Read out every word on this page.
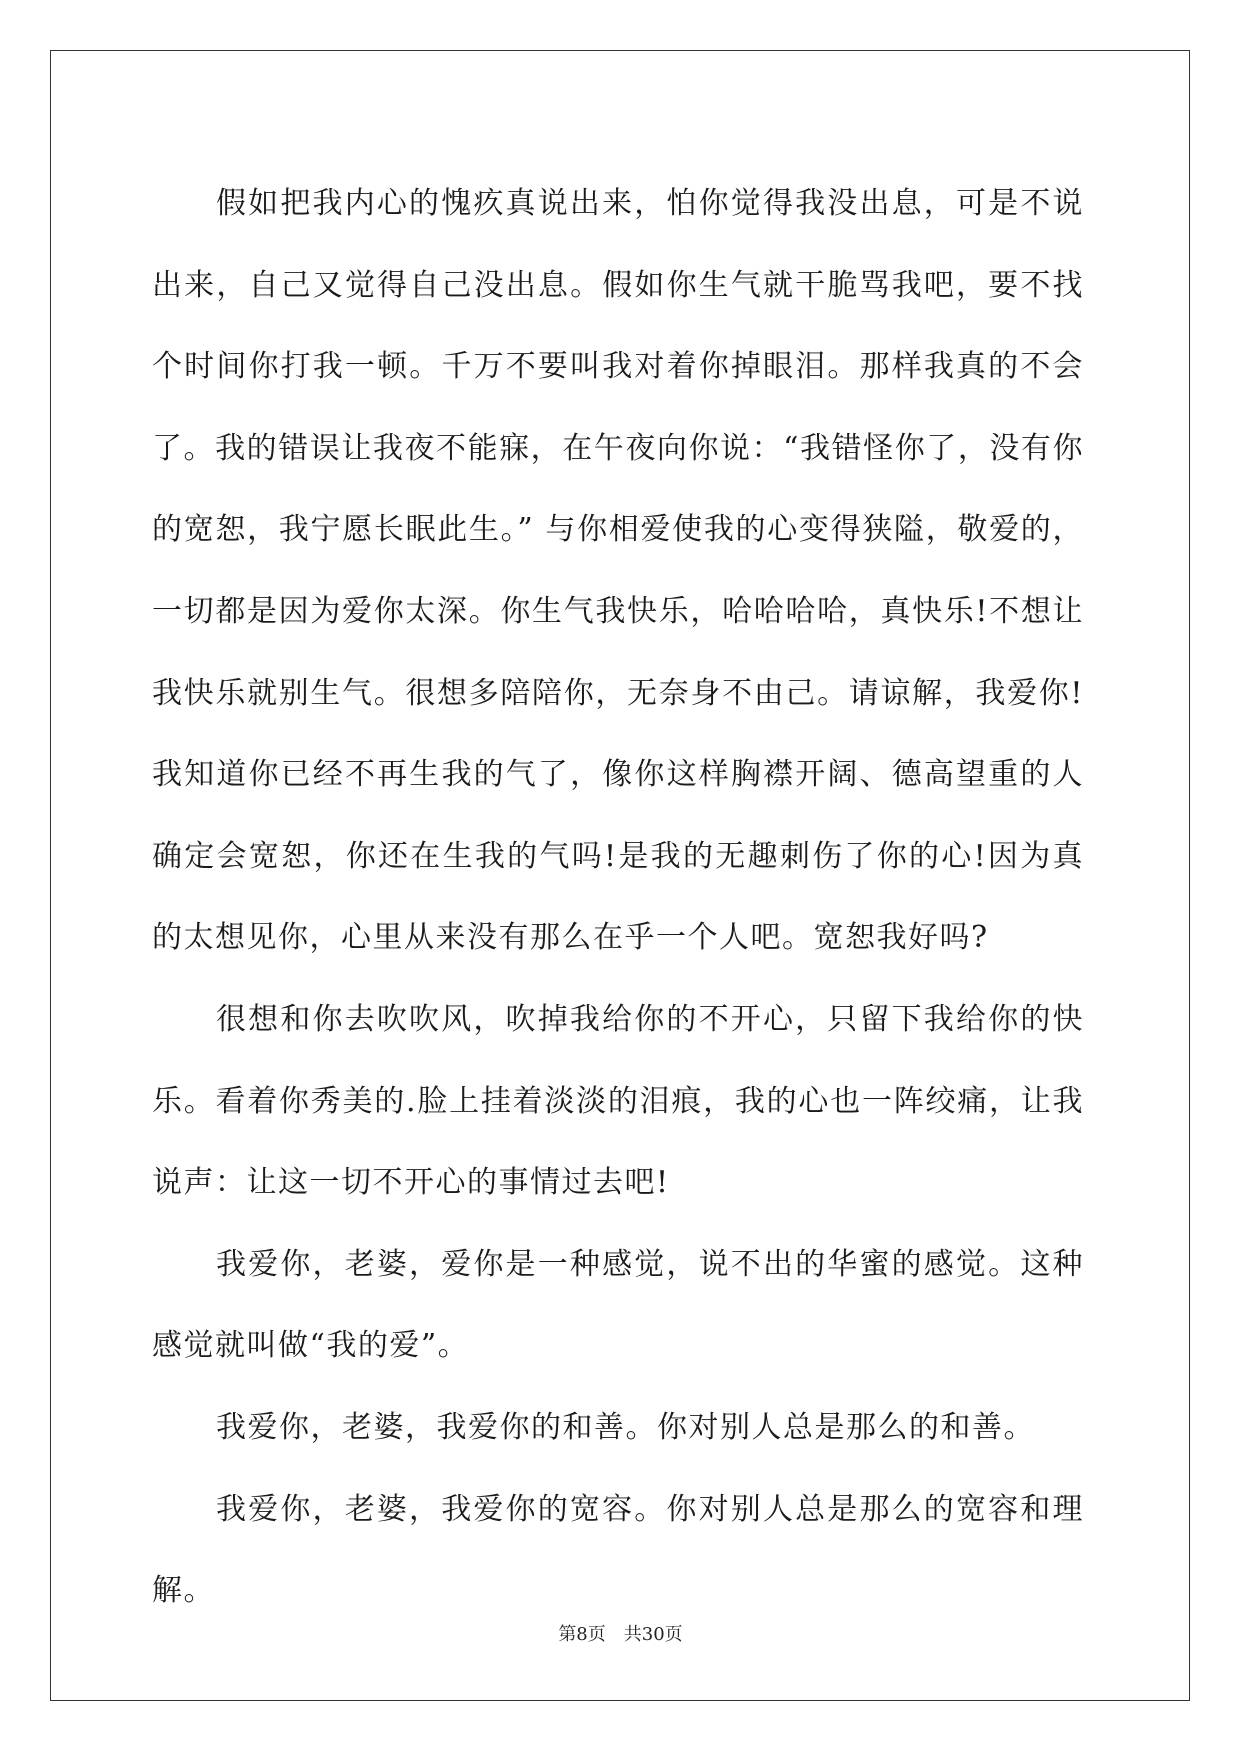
假如把我内心的愧疚真说出来，怕你觉得我没出息，可是不说出来，自己又觉得自己没出息。假如你生气就干脆骂我吧，要不找个时间你打我一顿。千万不要叫我对着你掉眼泪。那样我真的不会了。我的错误让我夜不能寐，在午夜向你说：“我错怪你了，没有你的宽恕，我宁愿长眠此生。” 与你相爱使我的心变得狭隘，敬爱的，一切都是因为爱你太深。你生气我快乐，哈哈哈哈，真快乐!不想让我快乐就别生气。很想多陪陪你，无奈身不由己。请谅解，我爱你!我知道你已经不再生我的气了，像你这样胸襟开阔、德高望重的人确定会宽恕，你还在生我的气吗!是我的无趣刺伤了你的心!因为真的太想见你，心里从来没有那么在乎一个人吧。宽恕我好吗?

很想和你去吹吹风，吹掉我给你的不开心，只留下我给你的快乐。看着你秀美的.脸上挂着淡淡的泪痕，我的心也一阵绞痛，让我说声：让这一切不开心的事情过去吧!

我爱你，老婆，爱你是一种感觉，说不出的华蜜的感觉。这种感觉就叫做“我的爱”。

我爱你，老婆，我爱你的和善。你对别人总是那么的和善。

我爱你，老婆，我爱你的宽容。你对别人总是那么的宽容和理解。

第8页　共30页
